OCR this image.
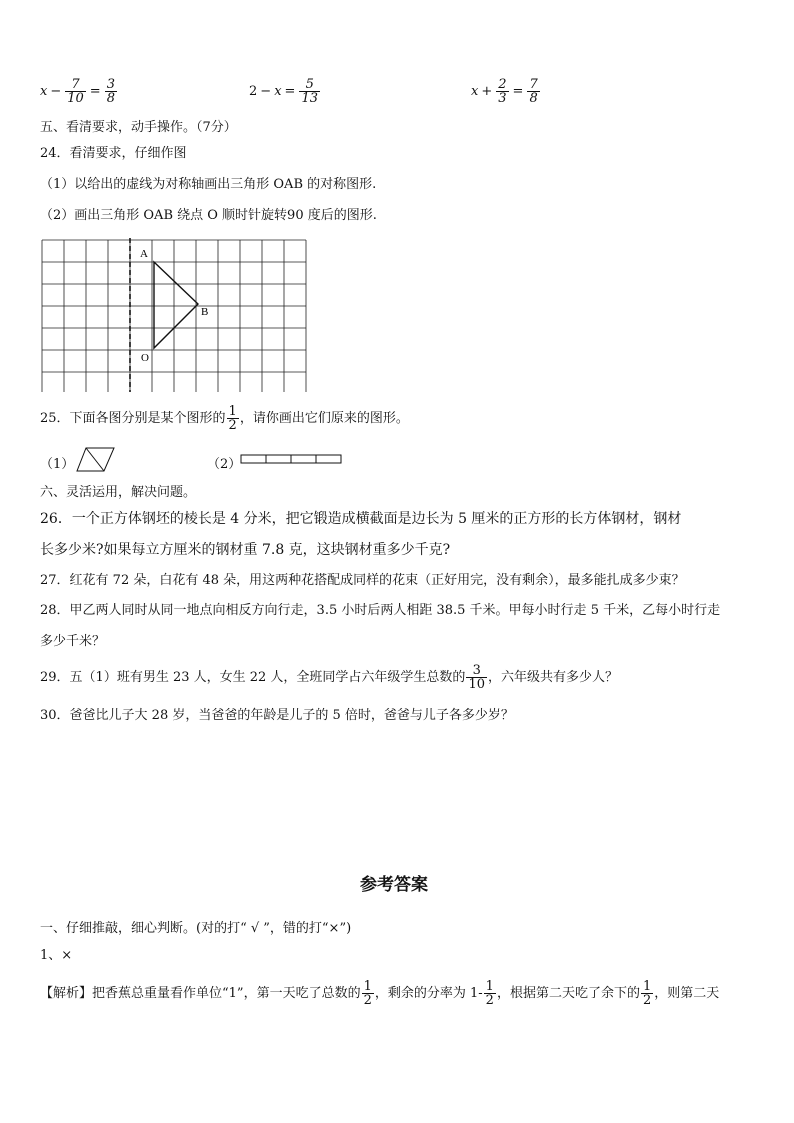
$x - \frac{7}{10} = \frac{3}{8}$	$2 - x = \frac{5}{13}$	$x + \frac{2}{3} = \frac{7}{8}$
五、看清要求，动手操作。（7分）
24．看清要求，仔细作图
（1）以给出的虚线为对称轴画出三角形 OAB 的对称图形.
（2）画出三角形 OAB 绕点 O 顺时针旋转90 度后的图形.
A
B
O
25．下面各图分别是某个图形的 $\frac{1}{2}$ ，请你画出它们原来的图形。
（1）	（2）
六、灵活运用，解决问题。
26．一个正方体钢坯的棱长是 4 分米，把它锻造成横截面是边长为 5 厘米的正方形的长方体钢材，钢材
长多少米?如果每立方厘米的钢材重 7.8 克，这块钢材重多少千克?
27．红花有 72 朵，白花有 48 朵，用这两种花搭配成同样的花束（正好用完，没有剩余），最多能扎成多少束？
28．甲乙两人同时从同一地点向相反方向行走，3.5 小时后两人相距 38.5 千米。甲每小时行走 5 千米，乙每小时行走
多少千米？
29．五（1）班有男生 23 人，女生 22 人，全班同学占六年级学生总数的 $\frac{3}{10}$ ，六年级共有多少人？
30．爸爸比儿子大 28 岁，当爸爸的年龄是儿子的 5 倍时，爸爸与儿子各多少岁？
参考答案
一、仔细推敲，细心判断。(对的打“ √ ”，错的打“×”)
1、×
【解析】把香蕉总重量看作单位“1”，第一天吃了总数的 $\frac{1}{2}$ ，剩余的分率为 $1- \frac{1}{2}$ ，根据第二天吃了余下的 $\frac{1}{2}$ ，则第二天
